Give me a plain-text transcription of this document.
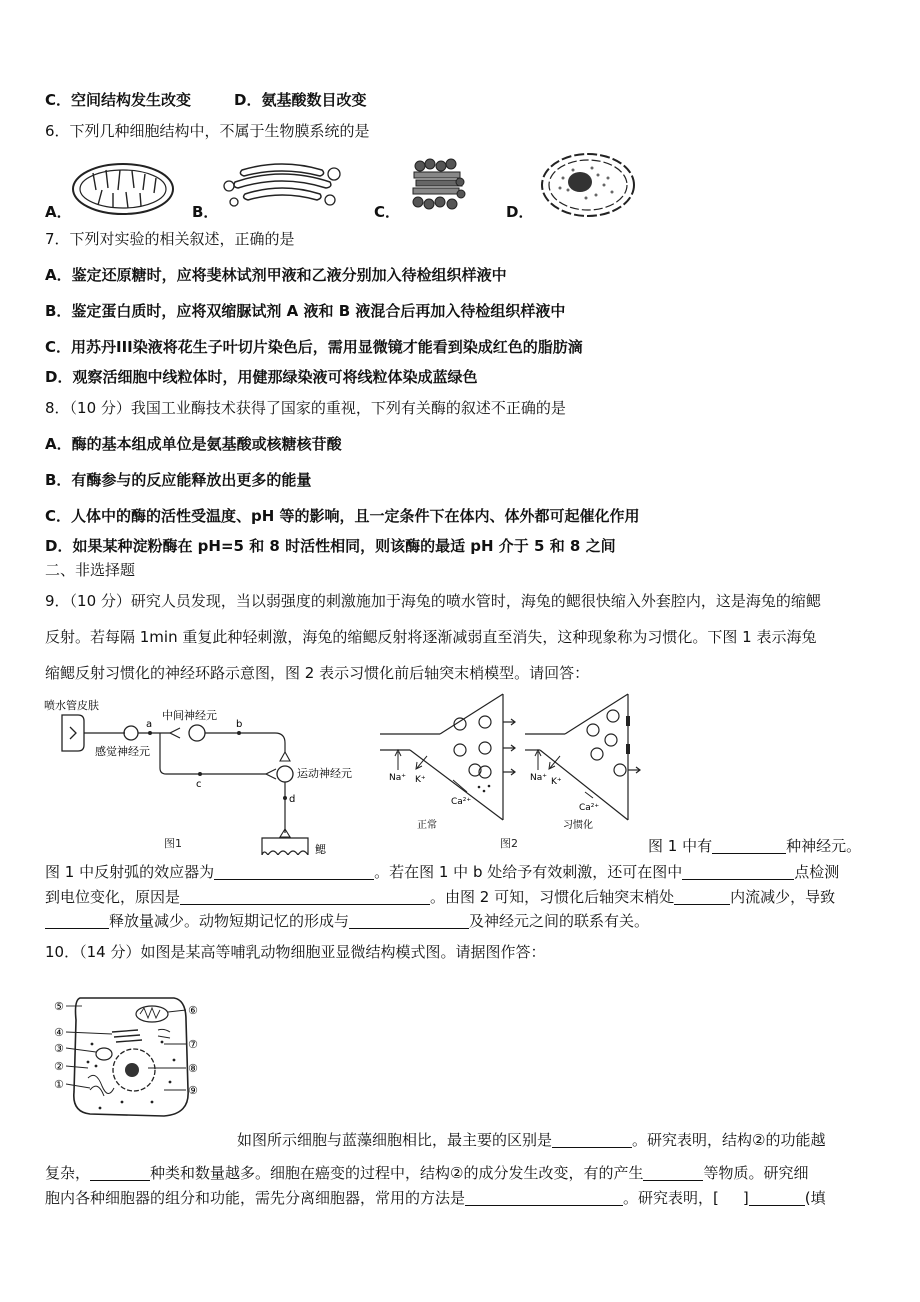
C．空间结构发生改变	D．氨基酸数目改变
6．下列几种细胞结构中，不属于生物膜系统的是
A．	B．	C．	D．
7．下列对实验的相关叙述，正确的是
A．鉴定还原糖时，应将斐林试剂甲液和乙液分别加入待检组织样液中
B．鉴定蛋白质时，应将双缩脲试剂 A 液和 B 液混合后再加入待检组织样液中
C．用苏丹III染液将花生子叶切片染色后，需用显微镜才能看到染成红色的脂肪滴
D．观察活细胞中线粒体时，用健那绿染液可将线粒体染成蓝绿色
8．（10 分）我国工业酶技术获得了国家的重视，下列有关酶的叙述不正确的是
A．酶的基本组成单位是氨基酸或核糖核苷酸
B．有酶参与的反应能释放出更多的能量
C．人体中的酶的活性受温度、pH 等的影响，且一定条件下在体内、体外都可起催化作用
D．如果某种淀粉酶在 pH=5 和 8 时活性相同，则该酶的最适 pH 介于 5 和 8 之间
二、非选择题
9．（10 分）研究人员发现，当以弱强度的刺激施加于海兔的喷水管时，海兔的鳃很快缩入外套腔内，这是海兔的缩鳃
反射。若每隔 1min 重复此种轻刺激，海兔的缩鳃反射将逐渐减弱直至消失，这种现象称为习惯化。下图 1 表示海兔
缩鳃反射习惯化的神经环路示意图，图 2 表示习惯化前后轴突末梢模型。请回答：
喷水管皮肤
感觉神经元
a
中间神经元
b
c
运动神经元
d
鳃
图1
Na⁺ K⁺
Ca²⁺
正常
Na⁺ K⁺
Ca²⁺
习惯化
图2	图 1 中有	种神经元。
图 1 中反射弧的效应器为	。若在图 1 中 b 处给予有效刺激，还可在图中	点检测
到电位变化，原因是	。由图 2 可知，习惯化后轴突末梢处	内流减少，导致
释放量减少。动物短期记忆的形成与	及神经元之间的联系有关。
10．（14 分）如图是某高等哺乳动物细胞亚显微结构模式图。请据图作答：
⑤
④
③
②
①
⑥
⑦
⑧
⑨
如图所示细胞与蓝藻细胞相比，最主要的区别是	。研究表明，结构②的功能越
复杂，	种类和数量越多。细胞在癌变的过程中，结构②的成分发生改变，有的产生	等物质。研究细
胞内各种细胞器的组分和功能，需先分离细胞器，常用的方法是	。研究表明，[ ]	(填
